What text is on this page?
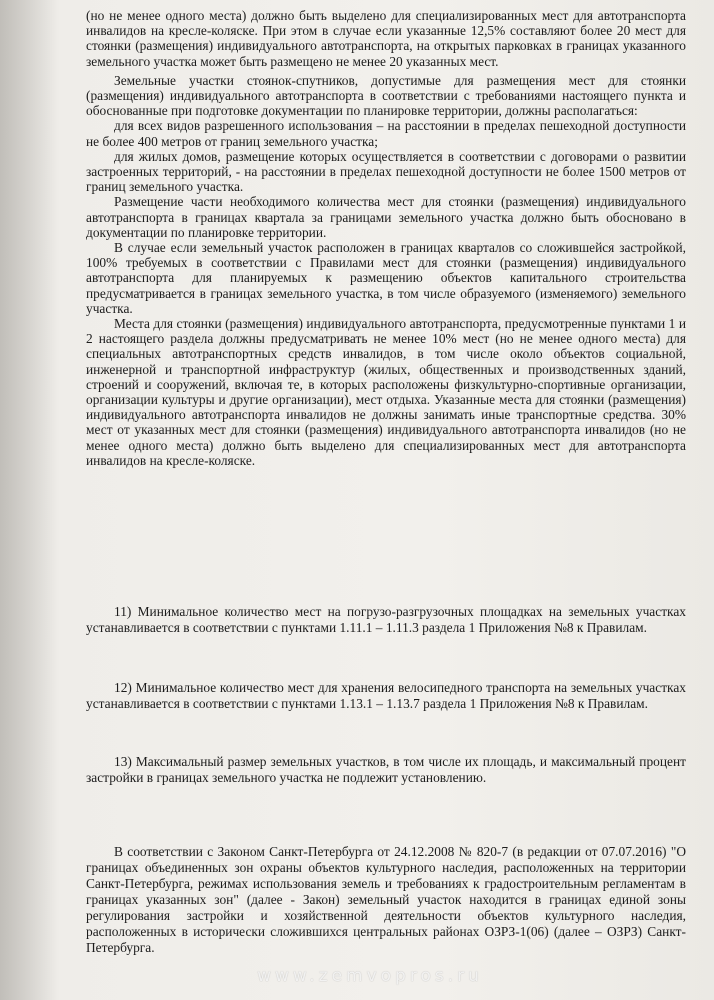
(но не менее одного места) должно быть выделено для специализированных мест для автотранспорта инвалидов на кресле-коляске. При этом в случае если указанные 12,5% составляют более 20 мест для стоянки (размещения) индивидуального автотранспорта, на открытых парковках в границах указанного земельного участка может быть размещено не менее 20 указанных мест.

Земельные участки стоянок-спутников, допустимые для размещения мест для стоянки (размещения) индивидуального автотранспорта в соответствии с требованиями настоящего пункта и обоснованные при подготовке документации по планировке территории, должны располагаться:

для всех видов разрешенного использования – на расстоянии в пределах пешеходной доступности не более 400 метров от границ земельного участка;

для жилых домов, размещение которых осуществляется в соответствии с договорами о развитии застроенных территорий, - на расстоянии в пределах пешеходной доступности не более 1500 метров от границ земельного участка.

Размещение части необходимого количества мест для стоянки (размещения) индивидуального автотранспорта в границах квартала за границами земельного участка должно быть обосновано в документации по планировке территории.

В случае если земельный участок расположен в границах кварталов со сложившейся застройкой, 100% требуемых в соответствии с Правилами мест для стоянки (размещения) индивидуального автотранспорта для планируемых к размещению объектов капитального строительства предусматривается в границах земельного участка, в том числе образуемого (изменяемого) земельного участка.

Места для стоянки (размещения) индивидуального автотранспорта, предусмотренные пунктами 1 и 2 настоящего раздела должны предусматривать не менее 10% мест (но не менее одного места) для специальных автотранспортных средств инвалидов, в том числе около объектов социальной, инженерной и транспортной инфраструктур (жилых, общественных и производственных зданий, строений и сооружений, включая те, в которых расположены физкультурно-спортивные организации, организации культуры и другие организации), мест отдыха. Указанные места для стоянки (размещения) индивидуального автотранспорта инвалидов не должны занимать иные транспортные средства. 30% мест от указанных мест для стоянки (размещения) индивидуального автотранспорта инвалидов (но не менее одного места) должно быть выделено для специализированных мест для автотранспорта инвалидов на кресле-коляске.

11) Минимальное количество мест на погрузо-разгрузочных площадках на земельных участках устанавливается в соответствии с пунктами 1.11.1 – 1.11.3 раздела 1 Приложения №8 к Правилам.

12) Минимальное количество мест для хранения велосипедного транспорта на земельных участках устанавливается в соответствии с пунктами 1.13.1 – 1.13.7 раздела 1 Приложения №8 к Правилам.

13) Максимальный размер земельных участков, в том числе их площадь, и максимальный процент застройки в границах земельного участка не подлежит установлению.

В соответствии с Законом Санкт-Петербурга от 24.12.2008 № 820-7 (в редакции от 07.07.2016) "О границах объединенных зон охраны объектов культурного наследия, расположенных на территории Санкт-Петербурга, режимах использования земель и требованиях к градостроительным регламентам в границах указанных зон" (далее - Закон) земельный участок находится в границах единой зоны регулирования застройки и хозяйственной деятельности объектов культурного наследия, расположенных в исторически сложившихся центральных районах ОЗРЗ-1(06) (далее – ОЗРЗ) Санкт-Петербурга.

www.zemvopros.ru
